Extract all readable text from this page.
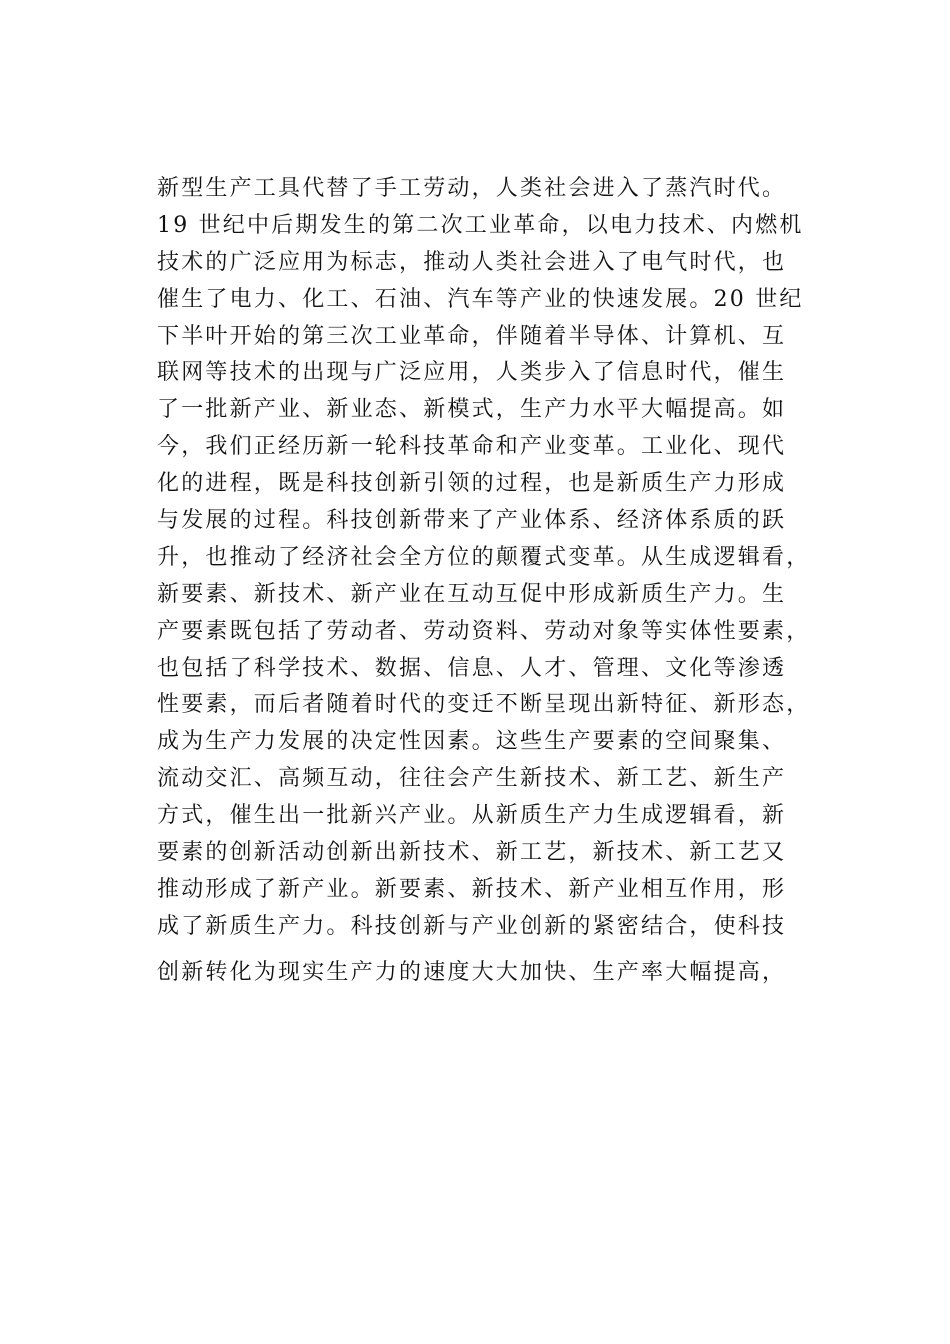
新型生产工具代替了手工劳动，人类社会进入了蒸汽时代。
19 世纪中后期发生的第二次工业革命，以电力技术、内燃机
技术的广泛应用为标志，推动人类社会进入了电气时代，也
催生了电力、化工、石油、汽车等产业的快速发展。20 世纪
下半叶开始的第三次工业革命，伴随着半导体、计算机、互
联网等技术的出现与广泛应用，人类步入了信息时代，催生
了一批新产业、新业态、新模式，生产力水平大幅提高。如
今，我们正经历新一轮科技革命和产业变革。工业化、现代
化的进程，既是科技创新引领的过程，也是新质生产力形成
与发展的过程。科技创新带来了产业体系、经济体系质的跃
升，也推动了经济社会全方位的颠覆式变革。从生成逻辑看，
新要素、新技术、新产业在互动互促中形成新质生产力。生
产要素既包括了劳动者、劳动资料、劳动对象等实体性要素，
也包括了科学技术、数据、信息、人才、管理、文化等渗透
性要素，而后者随着时代的变迁不断呈现出新特征、新形态，
成为生产力发展的决定性因素。这些生产要素的空间聚集、
流动交汇、高频互动，往往会产生新技术、新工艺、新生产
方式，催生出一批新兴产业。从新质生产力生成逻辑看，新
要素的创新活动创新出新技术、新工艺，新技术、新工艺又
推动形成了新产业。新要素、新技术、新产业相互作用，形
成了新质生产力。科技创新与产业创新的紧密结合，使科技
创新转化为现实生产力的速度大大加快、生产率大幅提高，
